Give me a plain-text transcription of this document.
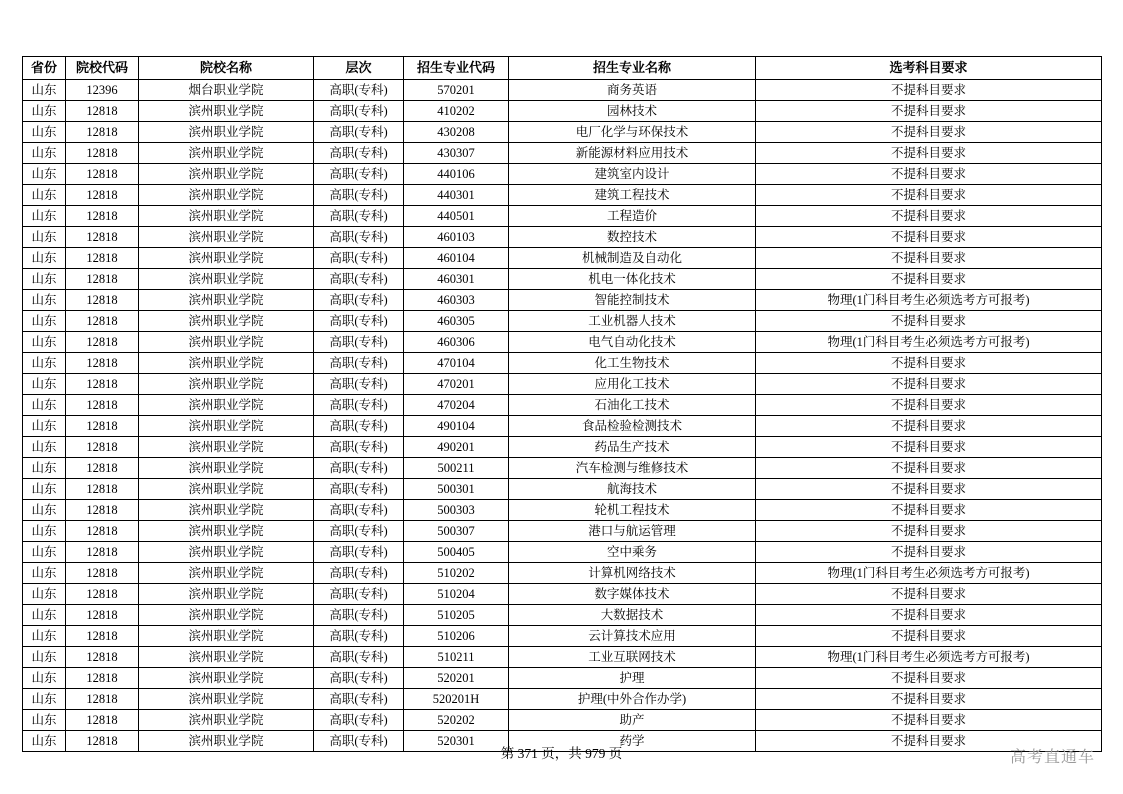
省份	院校代码	院校名称	层次	招生专业代码	招生专业名称	选考科目要求
山东	12396	烟台职业学院	高职(专科)	570201	商务英语	不提科目要求
山东	12818	滨州职业学院	高职(专科)	410202	园林技术	不提科目要求
山东	12818	滨州职业学院	高职(专科)	430208	电厂化学与环保技术	不提科目要求
山东	12818	滨州职业学院	高职(专科)	430307	新能源材料应用技术	不提科目要求
山东	12818	滨州职业学院	高职(专科)	440106	建筑室内设计	不提科目要求
山东	12818	滨州职业学院	高职(专科)	440301	建筑工程技术	不提科目要求
山东	12818	滨州职业学院	高职(专科)	440501	工程造价	不提科目要求
山东	12818	滨州职业学院	高职(专科)	460103	数控技术	不提科目要求
山东	12818	滨州职业学院	高职(专科)	460104	机械制造及自动化	不提科目要求
山东	12818	滨州职业学院	高职(专科)	460301	机电一体化技术	不提科目要求
山东	12818	滨州职业学院	高职(专科)	460303	智能控制技术	物理(1门科目考生必须选考方可报考)
山东	12818	滨州职业学院	高职(专科)	460305	工业机器人技术	不提科目要求
山东	12818	滨州职业学院	高职(专科)	460306	电气自动化技术	物理(1门科目考生必须选考方可报考)
山东	12818	滨州职业学院	高职(专科)	470104	化工生物技术	不提科目要求
山东	12818	滨州职业学院	高职(专科)	470201	应用化工技术	不提科目要求
山东	12818	滨州职业学院	高职(专科)	470204	石油化工技术	不提科目要求
山东	12818	滨州职业学院	高职(专科)	490104	食品检验检测技术	不提科目要求
山东	12818	滨州职业学院	高职(专科)	490201	药品生产技术	不提科目要求
山东	12818	滨州职业学院	高职(专科)	500211	汽车检测与维修技术	不提科目要求
山东	12818	滨州职业学院	高职(专科)	500301	航海技术	不提科目要求
山东	12818	滨州职业学院	高职(专科)	500303	轮机工程技术	不提科目要求
山东	12818	滨州职业学院	高职(专科)	500307	港口与航运管理	不提科目要求
山东	12818	滨州职业学院	高职(专科)	500405	空中乘务	不提科目要求
山东	12818	滨州职业学院	高职(专科)	510202	计算机网络技术	物理(1门科目考生必须选考方可报考)
山东	12818	滨州职业学院	高职(专科)	510204	数字媒体技术	不提科目要求
山东	12818	滨州职业学院	高职(专科)	510205	大数据技术	不提科目要求
山东	12818	滨州职业学院	高职(专科)	510206	云计算技术应用	不提科目要求
山东	12818	滨州职业学院	高职(专科)	510211	工业互联网技术	物理(1门科目考生必须选考方可报考)
山东	12818	滨州职业学院	高职(专科)	520201	护理	不提科目要求
山东	12818	滨州职业学院	高职(专科)	520201H	护理(中外合作办学)	不提科目要求
山东	12818	滨州职业学院	高职(专科)	520202	助产	不提科目要求
山东	12818	滨州职业学院	高职(专科)	520301	药学	不提科目要求
第 371 页，共 979 页	高考直通车
